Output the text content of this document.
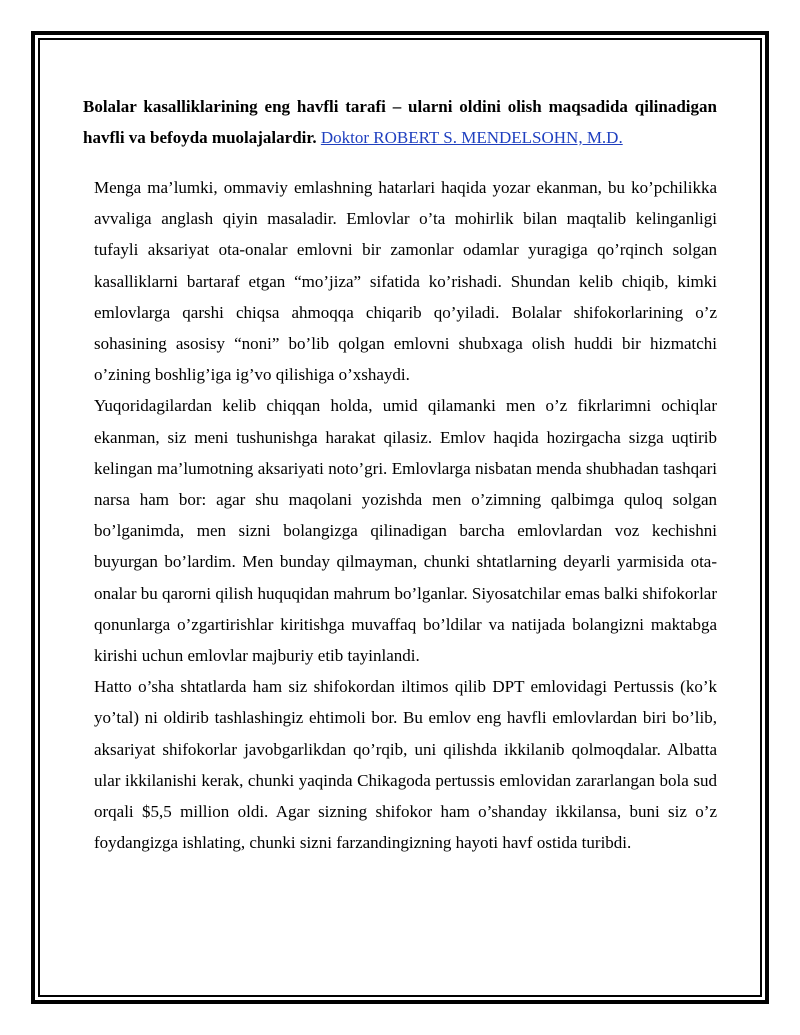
Bolalar kasalliklarining eng havfli tarafi – ularni oldini olish maqsadida qilinadigan havfli va befoyda muolajalardir. Doktor ROBERT S. MENDELSOHN, M.D.

Menga ma’lumki, ommaviy emlashning hatarlari haqida yozar ekanman, bu ko’pchilikka avvaliga anglash qiyin masaladir. Emlovlar o’ta mohirlik bilan maqtalib kelinganligi tufayli aksariyat ota-onalar emlovni bir zamonlar odamlar yuragiga qo’rqinch solgan kasalliklarni bartaraf etgan “mo’jiza” sifatida ko’rishadi. Shundan kelib chiqib, kimki emlovlarga qarshi chiqsa ahmoqqa chiqarib qo’yiladi. Bolalar shifokorlarining o’z sohasining asosisy “noni” bo’lib qolgan emlovni shubxaga olish huddi bir hizmatchi o’zining boshlig’iga ig’vo qilishiga o’xshaydi.

Yuqoridagilardan kelib chiqqan holda, umid qilamanki men o’z fikrlarimni ochiqlar ekanman, siz meni tushunishga harakat qilasiz. Emlov haqida hozirgacha sizga uqtirib kelingan ma’lumotning aksariyati noto’gri. Emlovlarga nisbatan menda shubhadan tashqari narsa ham bor: agar shu maqolani yozishda men o’zimning qalbimga quloq solgan bo’lganimda, men sizni bolangizga qilinadigan barcha emlovlardan voz kechishni buyurgan bo’lardim. Men bunday qilmayman, chunki shtatlarning deyarli yarmisida ota-onalar bu qarorni qilish huquqidan mahrum bo’lganlar. Siyosatchilar emas balki shifokorlar qonunlarga o’zgartirishlar kiritishga muvaffaq bo’ldilar va natijada bolangizni maktabga kirishi uchun emlovlar majburiy etib tayinlandi.

Hatto o’sha shtatlarda ham siz shifokordan iltimos qilib DPT emlovidagi Pertussis (ko’k yo’tal) ni oldirib tashlashingiz ehtimoli bor. Bu emlov eng havfli emlovlardan biri bo’lib, aksariyat shifokorlar javobgarlikdan qo’rqib, uni qilishda ikkilanib qolmoqdalar. Albatta ular ikkilanishi kerak, chunki yaqinda Chikagoda pertussis emlovidan zararlangan bola sud orqali $5,5 million oldi. Agar sizning shifokor ham o’shanday ikkilansa, buni siz o’z foydangizga ishlating, chunki sizni farzandingizning hayoti havf ostida turibdi.
